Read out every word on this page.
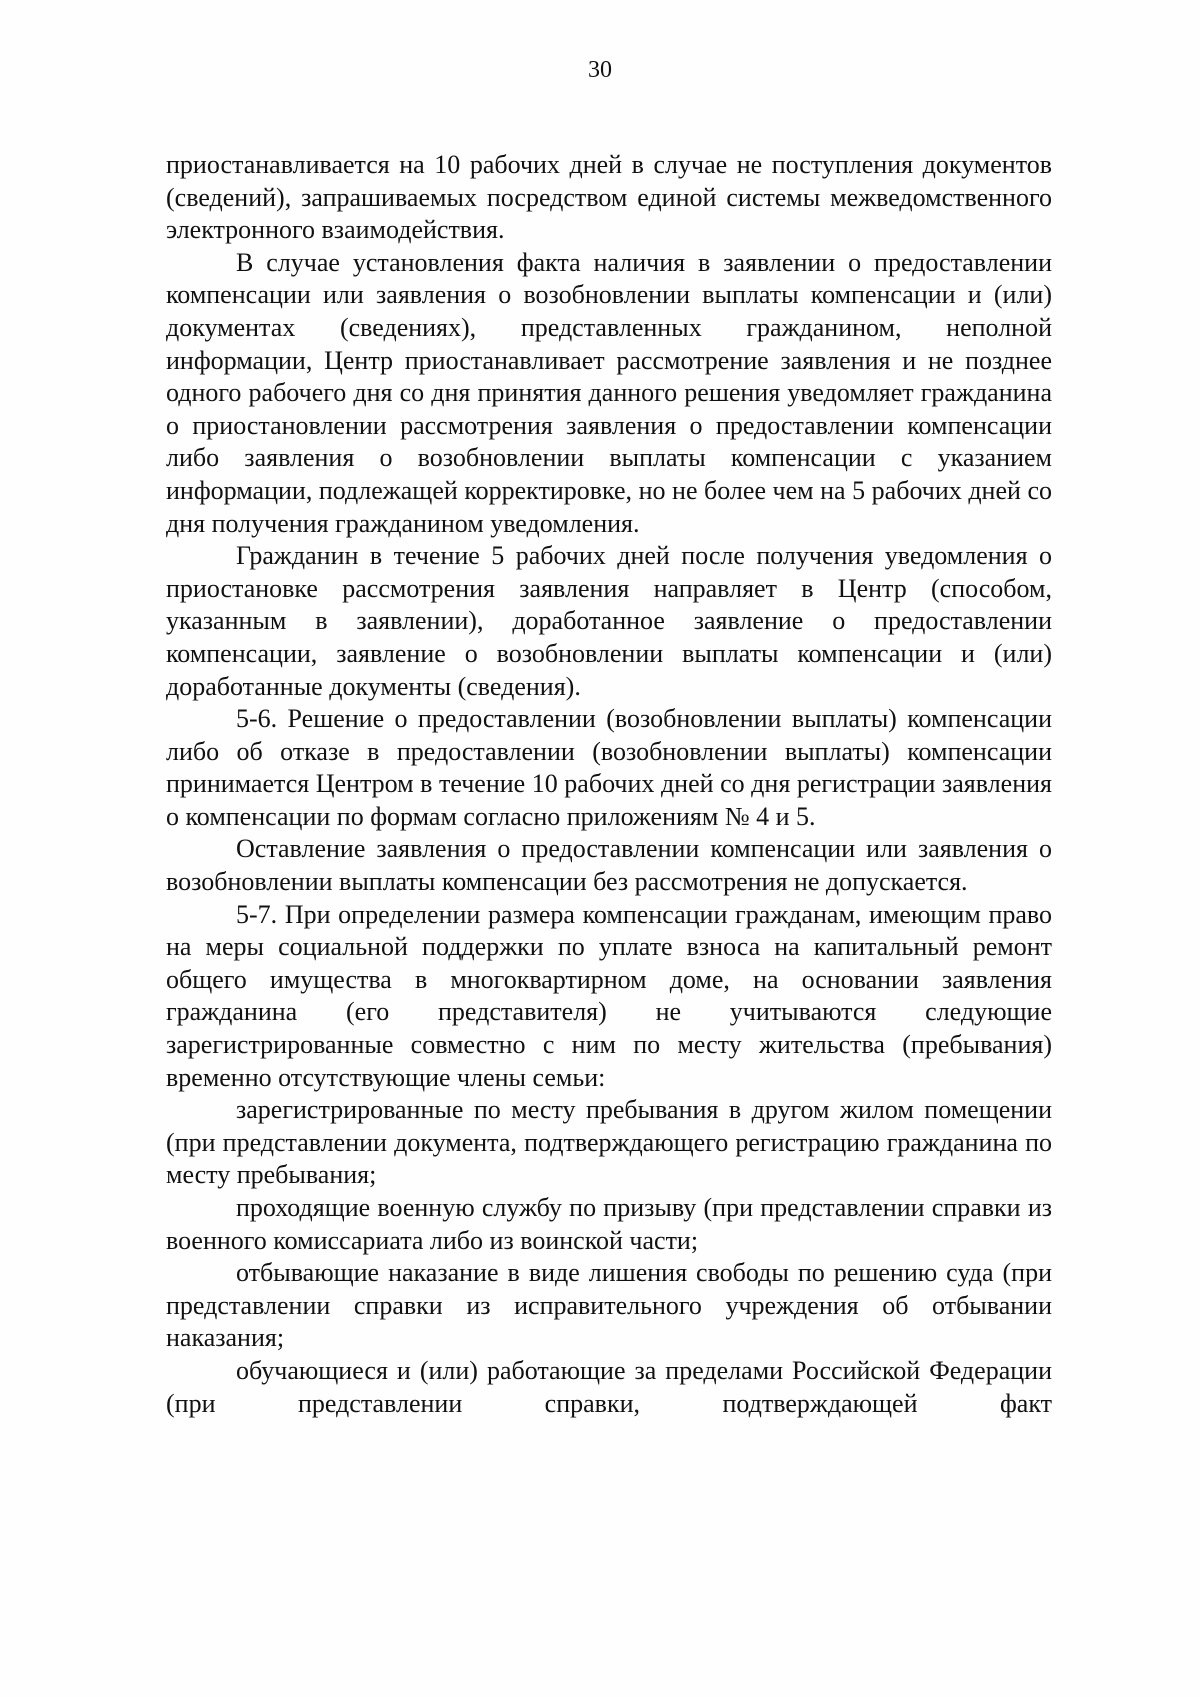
30

приостанавливается на 10 рабочих дней в случае не поступления документов (сведений), запрашиваемых посредством единой системы межведомственного электронного взаимодействия.

В случае установления факта наличия в заявлении о предоставлении компенсации или заявления о возобновлении выплаты компенсации и (или) документах (сведениях), представленных гражданином, неполной информации, Центр приостанавливает рассмотрение заявления и не позднее одного рабочего дня со дня принятия данного решения уведомляет гражданина о приостановлении рассмотрения заявления о предоставлении компенсации либо заявления о возобновлении выплаты компенсации с указанием информации, подлежащей корректировке, но не более чем на 5 рабочих дней со дня получения гражданином уведомления.

Гражданин в течение 5 рабочих дней после получения уведомления о приостановке рассмотрения заявления направляет в Центр (способом, указанным в заявлении), доработанное заявление о предоставлении компенсации, заявление о возобновлении выплаты компенсации и (или) доработанные документы (сведения).

5-6. Решение о предоставлении (возобновлении выплаты) компенсации либо об отказе в предоставлении (возобновлении выплаты) компенсации принимается Центром в течение 10 рабочих дней со дня регистрации заявления о компенсации по формам согласно приложениям № 4 и 5.

Оставление заявления о предоставлении компенсации или заявления о возобновлении выплаты компенсации без рассмотрения не допускается.

5-7. При определении размера компенсации гражданам, имеющим право на меры социальной поддержки по уплате взноса на капитальный ремонт общего имущества в многоквартирном доме, на основании заявления гражданина (его представителя) не учитываются следующие зарегистрированные совместно с ним по месту жительства (пребывания) временно отсутствующие члены семьи:

зарегистрированные по месту пребывания в другом жилом помещении (при представлении документа, подтверждающего регистрацию гражданина по месту пребывания;

проходящие военную службу по призыву (при представлении справки из военного комиссариата либо из воинской части;

отбывающие наказание в виде лишения свободы по решению суда (при представлении справки из исправительного учреждения об отбывании наказания;

обучающиеся и (или) работающие за пределами Российской Федерации (при представлении справки, подтверждающей факт
